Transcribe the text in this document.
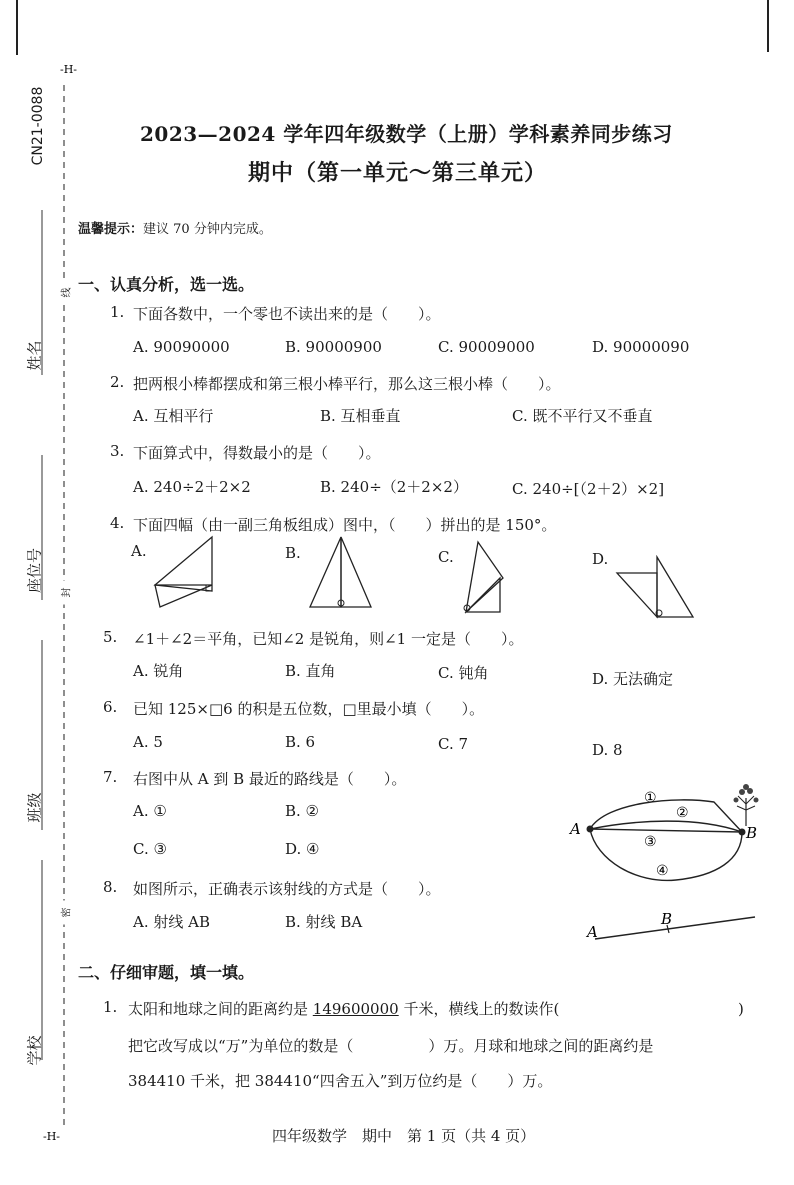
-H-
-H-
CN21-0088
姓名
座位号
班级
学校
线
封
密
2023—2024 学年四年级数学（上册）学科素养同步练习
期中（第一单元～第三单元）
温馨提示：建议 70 分钟内完成。
一、认真分析，选一选。
1. 下面各数中，一个零也不读出来的是（　　）。
A. 90090000	B. 90000900	C. 90009000	D. 90000090
2. 把两根小棒都摆成和第三根小棒平行，那么这三根小棒（　　）。
A. 互相平行	B. 互相垂直	C. 既不平行又不垂直
3. 下面算式中，得数最小的是（　　）。
A. 240÷2＋2×2	B. 240÷（2＋2×2）	C. 240÷[（2＋2）×2]
4. 下面四幅（由一副三角板组成）图中，（　　）拼出的是 150°。
A.	B.	C.	D.
5. ∠1＋∠2＝平角，已知∠2 是锐角，则∠1 一定是（　　）。
A. 锐角	B. 直角	C. 钝角	D. 无法确定
6. 已知 125×□6 的积是五位数，□里最小填（　　）。
A. 5	B. 6	C. 7	D. 8
7. 右图中从 A 到 B 最近的路线是（　　）。
A. ①	B. ②
C. ③	D. ④
A	B
①
②
③
④
8. 如图所示，正确表示该射线的方式是（　　）。
A. 射线 AB	B. 射线 BA
A
B
二、仔细审题，填一填。
1. 太阳和地球之间的距离约是 149600000 千米，横线上的数读作(	)
把它改写成以“万”为单位的数是（　　　　　）万。月球和地球之间的距离约是
384410 千米，把 384410“四舍五入”到万位约是（　　）万。
四年级数学　期中　第 1 页（共 4 页）
